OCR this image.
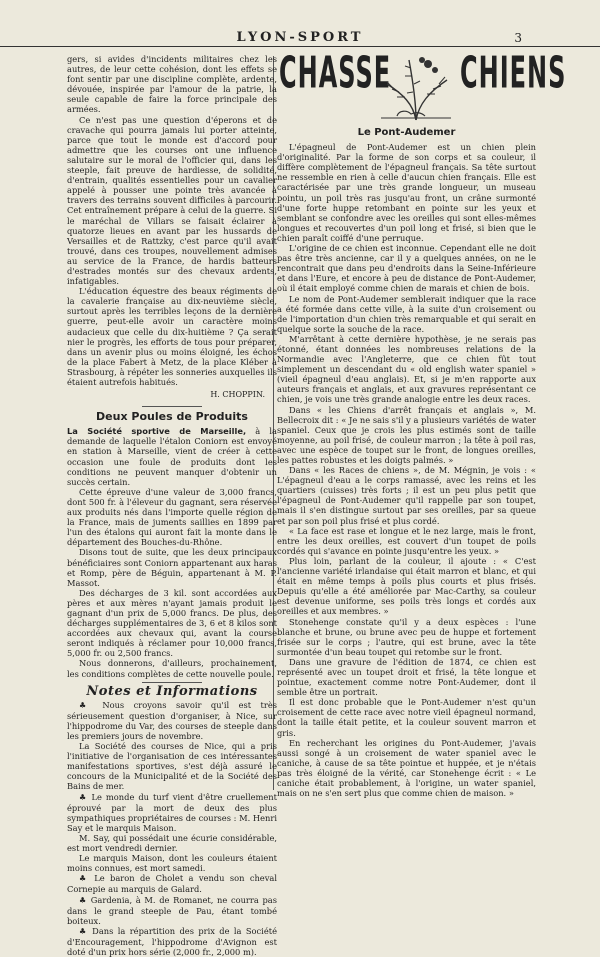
LYON-SPORT	3

gers, si avides d'incidents militaires chez les autres, de leur cette cohésion, dont les effets se font sentir par une discipline complète, ardente, dévouée, inspirée par l'amour de la patrie, la seule capable de faire la force principale des armées.

Ce n'est pas une question d'éperons et de cravache qui pourra jamais lui porter atteinte, parce que tout le monde est d'accord pour admettre que les courses ont une influence salutaire sur le moral de l'officier qui, dans les steeple, fait preuve de hardiesse, de solidité, d'entrain, qualités essentielles pour un cavalier appelé à pousser une pointe très avancée à travers des terrains souvent difficiles à parcourir. Cet entraînement prépare à celui de la guerre. Si le maréchal de Villars se faisait éclairer à quatorze lieues en avant par les hussards de Versailles et de Rattzky, c'est parce qu'il avait trouvé, dans ces troupes, nouvellement admises au service de la France, de hardis batteurs d'estrades montés sur des chevaux ardents, infatigables.

L'éducation équestre des beaux régiments de la cavalerie française au dix-neuvième siècle, surtout après les terribles leçons de la dernière guerre, peut-elle avoir un caractère moins audacieux que celle du dix-huitième ? Ça serait nier le progrès, les efforts de tous pour préparer, dans un avenir plus ou moins éloigné, les échos de la place Fabert à Metz, de la place Kléber à Strasbourg, à répéter les sonneries auxquelles ils étaient autrefois habitués.

H. CHOPPIN.
Deux Poules de Produits

La Société sportive de Marseille, à la demande de laquelle l'étalon Coniorn est envoyé en station à Marseille, vient de créer à cette occasion une foule de produits dont les conditions ne peuvent manquer d'obtenir un succès certain.

Cette épreuve d'une valeur de 3,000 francs, dont 500 fr. à l'éleveur du gagnant, sera réservée aux produits nés dans l'importe quelle région de la France, mais de juments saillies en 1899 par l'un des étalons qui auront fait la monte dans le département des Bouches-du-Rhône.

Disons tout de suite, que les deux principaux bénéficiaires sont Coniorn appartenant aux haras et Romp, père de Béguin, appartenant à M. P. Massot.

Des décharges de 3 kil. sont accordées aux pères et aux mères n'ayant jamais produit le gagnant d'un prix de 5,000 francs. De plus, des décharges supplémentaires de 3, 6 et 8 kilos sont accordées aux chevaux qui, avant la course seront indiqués à réclamer pour 10,000 francs, 5,000 fr. ou 2,500 francs.

Nous donnerons, d'ailleurs, prochainement, les conditions complètes de cette nouvelle poule.

Notes et Informations

♣ Nous croyons savoir qu'il est très sérieusement question d'organiser, à Nice, sur l'hippodrome du Var, des courses de steeple dans les premiers jours de novembre.

La Société des courses de Nice, qui a pris l'initiative de l'organisation de ces intéressantes manifestations sportives, s'est déjà assuré le concours de la Municipalité et de la Société des Bains de mer.

♣ Le monde du turf vient d'être cruellement éprouvé par la mort de deux des plus sympathiques propriétaires de courses : M. Henri Say et le marquis Maison.

M. Say, qui possédait une écurie considérable, est mort vendredi dernier.

Le marquis Maison, dont les couleurs étaient moins connues, est mort samedi.

♣ Le baron de Cholet a vendu son cheval Cornepie au marquis de Galard.

♣ Gardenia, à M. de Romanet, ne courra pas dans le grand steeple de Pau, étant tombé boiteux.

♣ Dans la répartition des prix de la Société d'Encouragement, l'hippodrome d'Avignon est doté d'un prix hors série (2,000 fr., 2,000 m).

CHASSE	CHIENS
Le Pont-Audemer

L'épagneul de Pont-Audemer est un chien plein d'originalité. Par la forme de son corps et sa couleur, il diffère complètement de l'épagneul français. Sa tête surtout ne ressemble en rien à celle d'aucun chien français. Elle est caractérisée par une très grande longueur, un museau pointu, un poil très ras jusqu'au front, un crâne surmonté d'une forte huppe retombant en pointe sur les yeux et semblant se confondre avec les oreilles qui sont elles-mêmes longues et recouvertes d'un poil long et frisé, si bien que le chien paraît coiffé d'une perruque.

L'origine de ce chien est inconnue. Cependant elle ne doit pas être très ancienne, car il y a quelques années, on ne le rencontrait que dans peu d'endroits dans la Seine-Inférieure et dans l'Eure, et encore à peu de distance de Pont-Audemer, où il était employé comme chien de marais et chien de bois.

Le nom de Pont-Audemer semblerait indiquer que la race a été formée dans cette ville, à la suite d'un croisement ou de l'importation d'un chien très remarquable et qui serait en quelque sorte la souche de la race.

M'arrêtant à cette dernière hypothèse, je ne serais pas étonné, étant données les nombreuses relations de la Normandie avec l'Angleterre, que ce chien fût tout simplement un descendant du « old english water spaniel » (vieil épagneul d'eau anglais). Et, si je m'en rapporte aux auteurs français et anglais, et aux gravures représentant ce chien, je vois une très grande analogie entre les deux races.

Dans « les Chiens d'arrêt français et anglais », M. Bellecroix dit : « Je ne sais s'il y a plusieurs variétés de water spaniel. Ceux que je crois les plus estimés sont de taille moyenne, au poil frisé, de couleur marron ; la tête à poil ras, avec une espèce de toupet sur le front, de longues oreilles, les pattes robustes et les doigts palmés. »

Dans « les Races de chiens », de M. Mégnin, je vois : « L'épagneul d'eau a le corps ramassé, avec les reins et les quartiers (cuisses) très forts ; il est un peu plus petit que l'épagneul de Pont-Audemer qu'il rappelle par son toupet, mais il s'en distingue surtout par ses oreilles, par sa queue et par son poil plus frisé et plus cordé.

« La face est rase et longue et le nez large, mais le front, entre les deux oreilles, est couvert d'un toupet de poils cordés qui s'avance en pointe jusqu'entre les yeux. »

Plus loin, parlant de la couleur, il ajoute : « C'est l'ancienne variété irlandaise qui était marron et blanc, et qui était en même temps à poils plus courts et plus frisés. Depuis qu'elle a été améliorée par Mac-Carthy, sa couleur est devenue uniforme, ses poils très longs et cordés aux oreilles et aux membres. »

Stonehenge constate qu'il y a deux espèces : l'une blanche et brune, ou brune avec peu de huppe et fortement frisée sur le corps ; l'autre, qui est brune, avec la tête surmontée d'un beau toupet qui retombe sur le front.

Dans une gravure de l'édition de 1874, ce chien est représenté avec un toupet droit et frisé, la tête longue et pointue, exactement comme notre Pont-Audemer, dont il semble être un portrait.

Il est donc probable que le Pont-Audemer n'est qu'un croisement de cette race avec notre vieil épagneul normand, dont la taille était petite, et la couleur souvent marron et gris.

En recherchant les origines du Pont-Audemer, j'avais aussi songé à un croisement de water spaniel avec le caniche, à cause de sa tête pointue et huppée, et je n'étais pas très éloigné de la vérité, car Stonehenge écrit : « Le caniche était probablement, à l'origine, un water spaniel, mais on ne s'en sert plus que comme chien de maison. »
